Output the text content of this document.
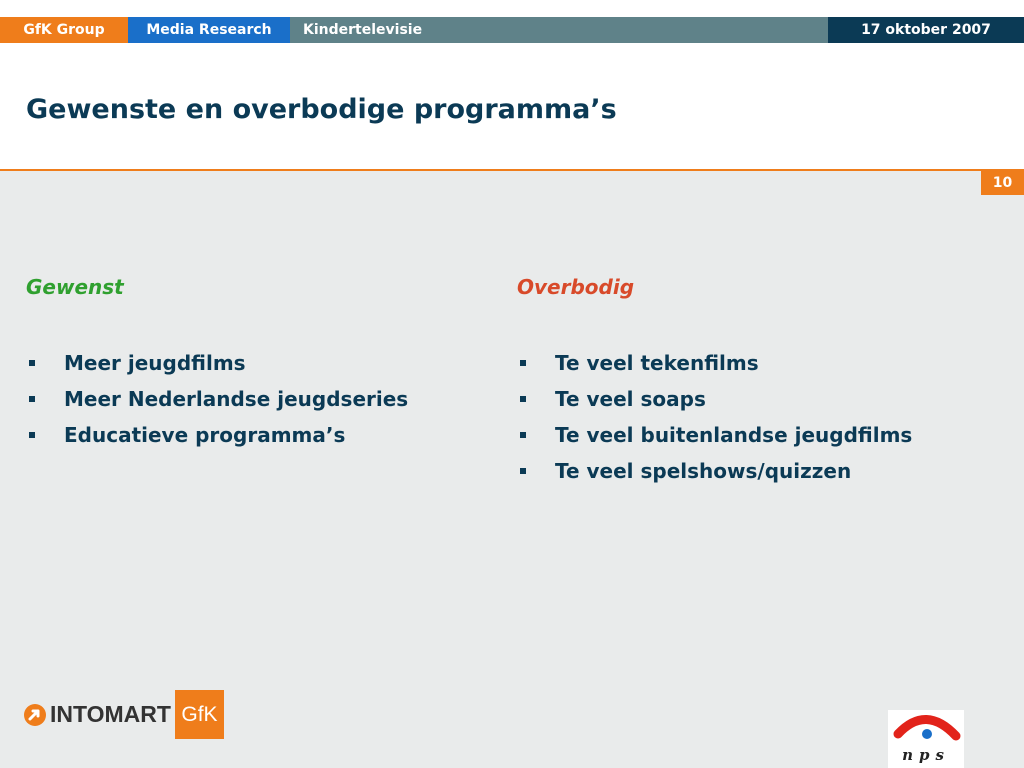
GfK Group	Media Research	Kindertelevisie	17 oktober 2007
Gewenste en overbodige programma’s
10
Gewenst
Meer jeugdfilms
Meer Nederlandse jeugdseries
Educatieve programma’s
Overbodig
Te veel tekenfilms
Te veel soaps
Te veel buitenlandse jeugdfilms
Te veel spelshows/quizzen
INTOMART GfK
nps
